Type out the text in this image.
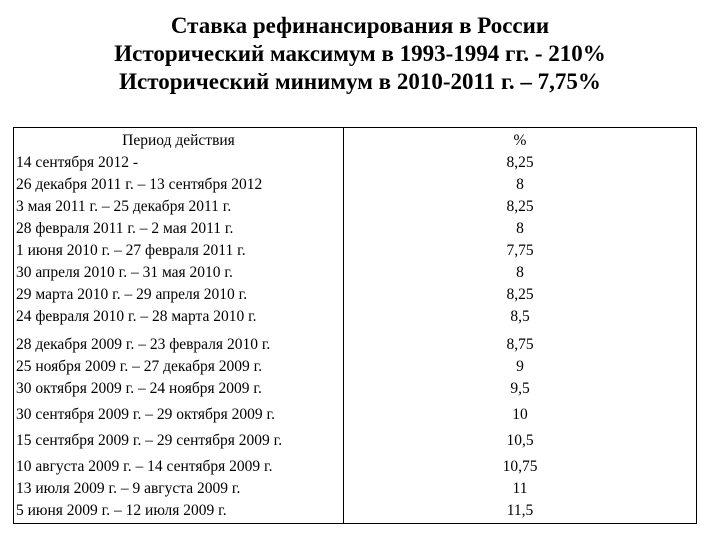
Ставка рефинансирования в России
Исторический максимум в 1993-1994 гг. - 210%
Исторический минимум в 2010-2011 г. – 7,75%
Период действия	%
14 сентября 2012 -	8,25
26 декабря 2011 г. – 13 сентября 2012	8
3 мая 2011 г. – 25 декабря 2011 г.	8,25
28 февраля 2011 г. – 2 мая 2011 г.	8
1 июня 2010 г. – 27 февраля 2011 г.	7,75
30 апреля 2010 г. – 31 мая 2010 г.	8
29 марта 2010 г. – 29 апреля 2010 г.	8,25
24 февраля 2010 г. – 28 марта 2010 г.	8,5
28 декабря 2009 г. – 23 февраля 2010 г.	8,75
25 ноября 2009 г. – 27 декабря 2009 г.	9
30 октября 2009 г. – 24 ноября 2009 г.	9,5
30 сентября 2009 г. – 29 октября 2009 г.	10
15 сентября 2009 г. – 29 сентября 2009 г.	10,5
10 августа 2009 г. – 14 сентября 2009 г.	10,75
13 июля 2009 г. – 9 августа 2009 г.	11
5 июня 2009 г. – 12 июля 2009 г.	11,5
